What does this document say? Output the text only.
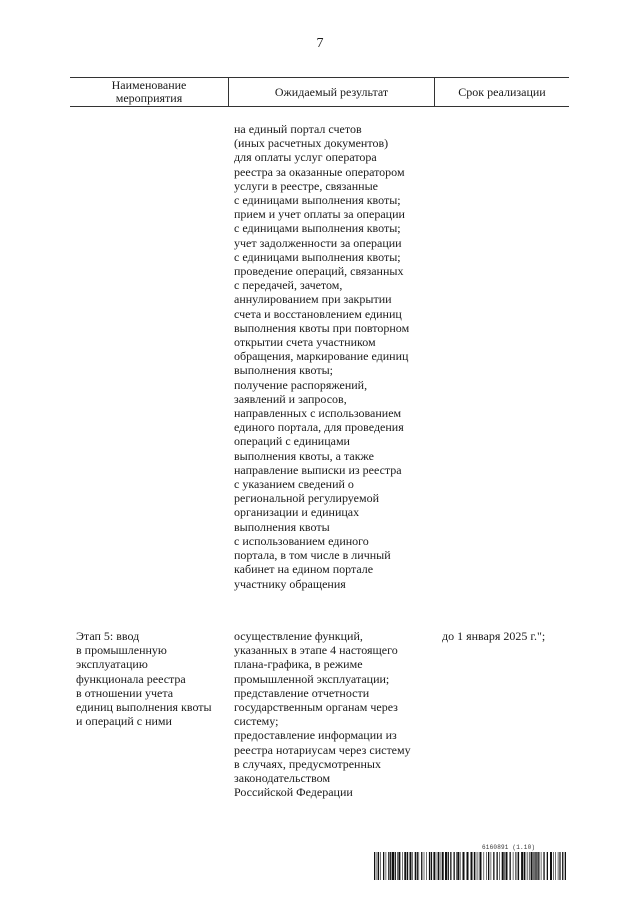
7
Наименование
мероприятия	Ожидаемый результат	Срок реализации
на единый портал счетов
(иных расчетных документов)
для оплаты услуг оператора
реестра за оказанные оператором
услуги в реестре, связанные
с единицами выполнения квоты;
прием и учет оплаты за операции
с единицами выполнения квоты;
учет задолженности за операции
с единицами выполнения квоты;
проведение операций, связанных
с передачей, зачетом,
аннулированием при закрытии
счета и восстановлением единиц
выполнения квоты при повторном
открытии счета участником
обращения, маркирование единиц
выполнения квоты;
получение распоряжений,
заявлений и запросов,
направленных с использованием
единого портала, для проведения
операций с единицами
выполнения квоты, а также
направление выписки из реестра
с указанием сведений о
региональной регулируемой
организации и единицах
выполнения квоты
с использованием единого
портала, в том числе в личный
кабинет на едином портале
участнику обращения
Этап 5: ввод
в промышленную
эксплуатацию
функционала реестра
в отношении учета
единиц выполнения квоты
и операций с ними
осуществление функций,
указанных в этапе 4 настоящего
плана-графика, в режиме
промышленной эксплуатации;
представление отчетности
государственным органам через
систему;
предоставление информации из
реестра нотариусам через систему
в случаях, предусмотренных
законодательством
Российской Федерации
до 1 января 2025 г.";
6160891 (1.10)
